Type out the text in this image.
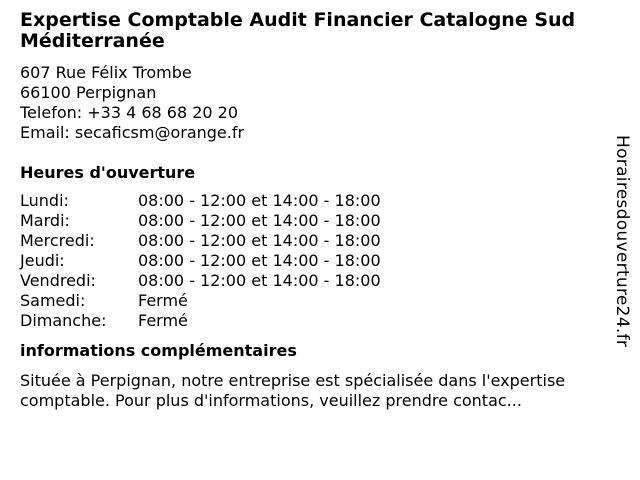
Expertise Comptable Audit Financier Catalogne Sud Méditerranée
607 Rue Félix Trombe
66100 Perpignan
Telefon: +33 4 68 68 20 20
Email: secaficsm@orange.fr
Heures d'ouverture
Lundi:	08:00 - 12:00 et 14:00 - 18:00
Mardi:	08:00 - 12:00 et 14:00 - 18:00
Mercredi:	08:00 - 12:00 et 14:00 - 18:00
Jeudi:	08:00 - 12:00 et 14:00 - 18:00
Vendredi:	08:00 - 12:00 et 14:00 - 18:00
Samedi:	Fermé
Dimanche:	Fermé
informations complémentaires
Située à Perpignan, notre entreprise est spécialisée dans l'expertise comptable. Pour plus d'informations, veuillez prendre contac...
Horairesdouverture24.fr
